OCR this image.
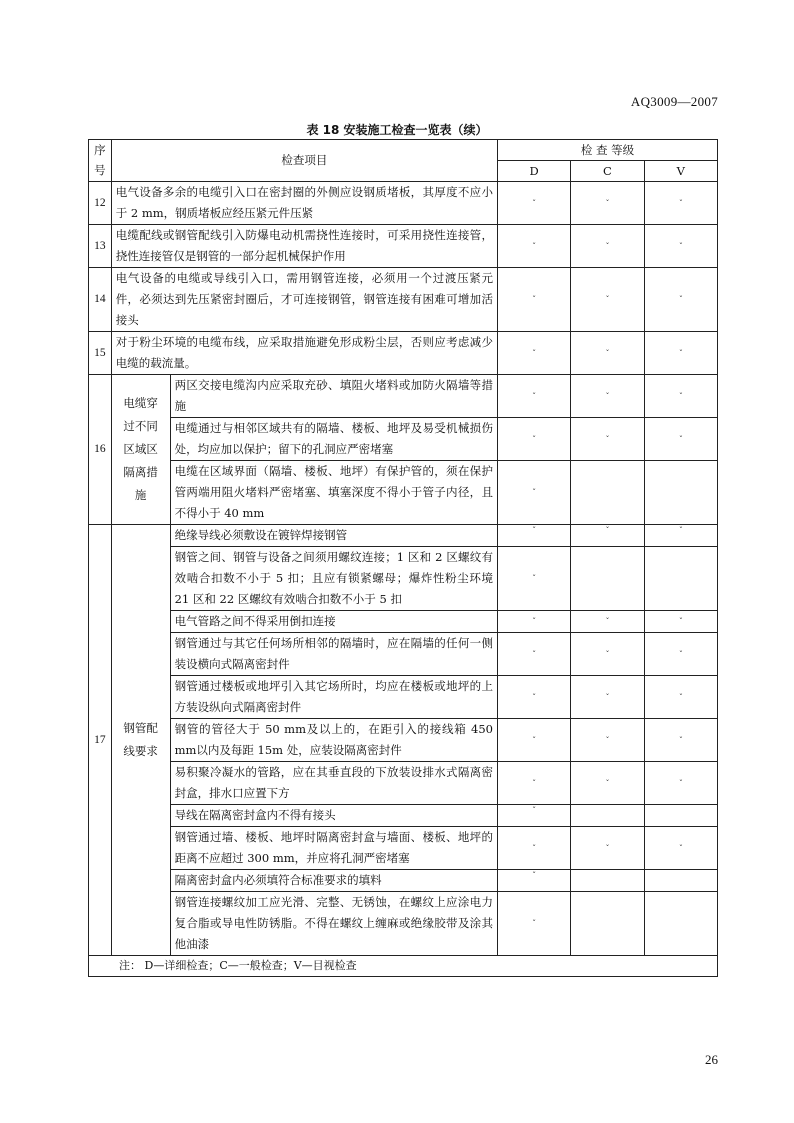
AQ3009—2007
表 18 安装施工检查一览表（续）
序号	检查项目		检 查 等级		
			D	C	V
12	电气设备多余的电缆引入口在密封圈的外侧应设钢质堵板，其厚度不应小于 2 mm，钢质堵板应经压紧元件压紧		ˇ	ˇ	ˇ
13	电缆配线或钢管配线引入防爆电动机需挠性连接时，可采用挠性连接管，挠性连接管仅是钢管的一部分起机械保护作用		ˇ	ˇ	ˇ
14	电气设备的电缆或导线引入口，需用钢管连接，必须用一个过渡压紧元件，必须达到先压紧密封圈后，才可连接钢管，钢管连接有困难可增加活接头		ˇ	ˇ	ˇ
15	对于粉尘环境的电缆布线，应采取措施避免形成粉尘层，否则应考虑减少电缆的载流量。		ˇ	ˇ	ˇ
16	电缆穿过不同区域区隔离措施	两区交接电缆沟内应采取充砂、填阻火堵料或加防火隔墙等措施	ˇ	ˇ	ˇ
		电缆通过与相邻区域共有的隔墙、楼板、地坪及易受机械损伤处，均应加以保护；留下的孔洞应严密堵塞	ˇ	ˇ	ˇ
		电缆在区域界面（隔墙、楼板、地坪）有保护管的，须在保护管两端用阻火堵料严密堵塞、填塞深度不得小于管子内径，且不得小于 40 mm	ˇ		
17	钢管配线要求	绝缘导线必须敷设在镀锌焊接钢管	ˇ	ˇ	ˇ
		钢管之间、钢管与设备之间须用螺纹连接；1 区和 2 区螺纹有效啮合扣数不小于 5 扣；且应有锁紧螺母；爆炸性粉尘环境 21 区和 22 区螺纹有效啮合扣数不小于 5 扣	ˇ		
		电气管路之间不得采用倒扣连接	ˇ	ˇ	ˇ
		钢管通过与其它任何场所相邻的隔墙时，应在隔墙的任何一侧装设横向式隔离密封件	ˇ	ˇ	ˇ
		钢管通过楼板或地坪引入其它场所时，均应在楼板或地坪的上方装设纵向式隔离密封件	ˇ	ˇ	ˇ
		钢管的管径大于 50 mm及以上的，在距引入的接线箱 450 mm以内及每距 15m 处，应装设隔离密封件	ˇ	ˇ	ˇ
		易积聚冷凝水的管路，应在其垂直段的下放装设排水式隔离密封盒，排水口应置下方	ˇ	ˇ	ˇ
		导线在隔离密封盒内不得有接头	ˇ		
		钢管通过墙、楼板、地坪时隔离密封盒与墙面、楼板、地坪的距离不应超过 300 mm，并应将孔洞严密堵塞	ˇ	ˇ	ˇ
		隔离密封盒内必须填符合标准要求的填料	ˇ		
		钢管连接螺纹加工应光滑、完整、无锈蚀，在螺纹上应涂电力复合脂或导电性防锈脂。不得在螺纹上缠麻或绝缘胶带及涂其他油漆	ˇ		
注： D—详细检查；C—一般检查；V—目视检查					
26
